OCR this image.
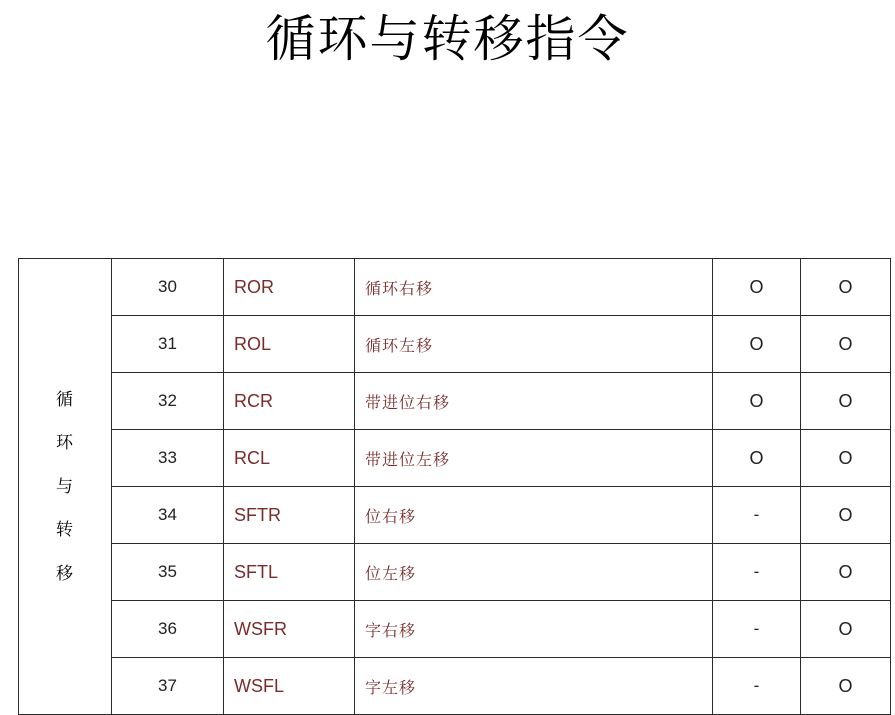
循环与转移指令
循
环
与
转
移	30	ROR	循环右移	O	O
	31	ROL	循环左移	O	O
	32	RCR	带进位右移	O	O
	33	RCL	带进位左移	O	O
	34	SFTR	位右移	-	O
	35	SFTL	位左移	-	O
	36	WSFR	字右移	-	O
	37	WSFL	字左移	-	O
